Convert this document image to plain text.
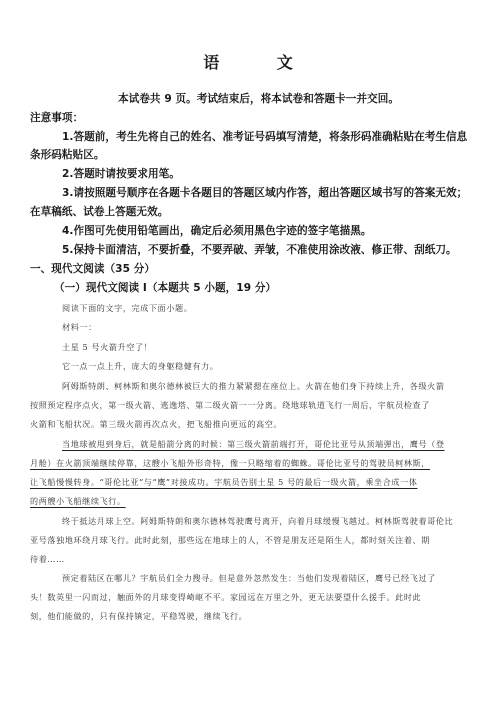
语 文
本试卷共 9 页。考试结束后，将本试卷和答题卡一并交回。
注意事项：
1.答题前，考生先将自己的姓名、准考证号码填写清楚，将条形码准确粘贴在考生信息
条形码粘贴区。
2.答题时请按要求用笔。
3.请按照题号顺序在各题卡各题目的答题区域内作答，超出答题区域书写的答案无效；
在草稿纸、试卷上答题无效。
4.作图可先使用铅笔画出，确定后必须用黑色字迹的签字笔描黑。
5.保持卡面清洁，不要折叠，不要弄破、弄皱，不准使用涂改液、修正带、刮纸刀。
一、现代文阅读（35 分）
（一）现代文阅读 I（本题共 5 小题，19 分）
阅读下面的文字，完成下面小题。
材料一：
土星 5 号火箭升空了！
它一点一点上升，庞大的身躯稳健有力。
阿姆斯特朗、柯林斯和奥尔德林被巨大的推力紧紧摁在座位上。火箭在他们身下持续上升，各级火箭
按照预定程序点火，第一级火箭、逃逸塔、第二级火箭一一分离。绕地球轨道飞行一周后，宇航员检查了
火箭和飞船状况。第三级火箭再次点火，把飞船推向更远的高空。
当地球被甩到身后，就是船箭分离的时候：第三级火箭前端打开，哥伦比亚号从顶端弹出，鹰号（登
月舱）在火箭顶端继续停靠，这艘小飞船外形奇特，像一只略缩着的蜘蛛。哥伦比亚号的驾驶员柯林斯，
让飞船慢慢转身。“哥伦比亚”与“鹰”对接成功。宇航员告别土星 5 号的最后一级火箭，乘坐合成一体
的两艘小飞船继续飞行。
终于抵达月球上空。阿姆斯特朗和奥尔德林驾驶鹰号离开，向着月球缓慢飞越过。柯林斯驾驶着哥伦比
亚号落独地环绕月球飞行。此时此刻，那些远在地球上的人，不管是朋友还是陌生人，都时刻关注着、期
待着……
预定着陆区在哪儿？宇航员们全力搜寻。但是意外忽然发生：当他们发现着陆区，鹰号已经飞过了
头！数英里一闪而过，触面外的月球变得崎岖不平。家园远在万里之外，更无法要望什么援手。此时此
刻，他们能做的，只有保持镇定，平稳驾驶，继续飞行。
